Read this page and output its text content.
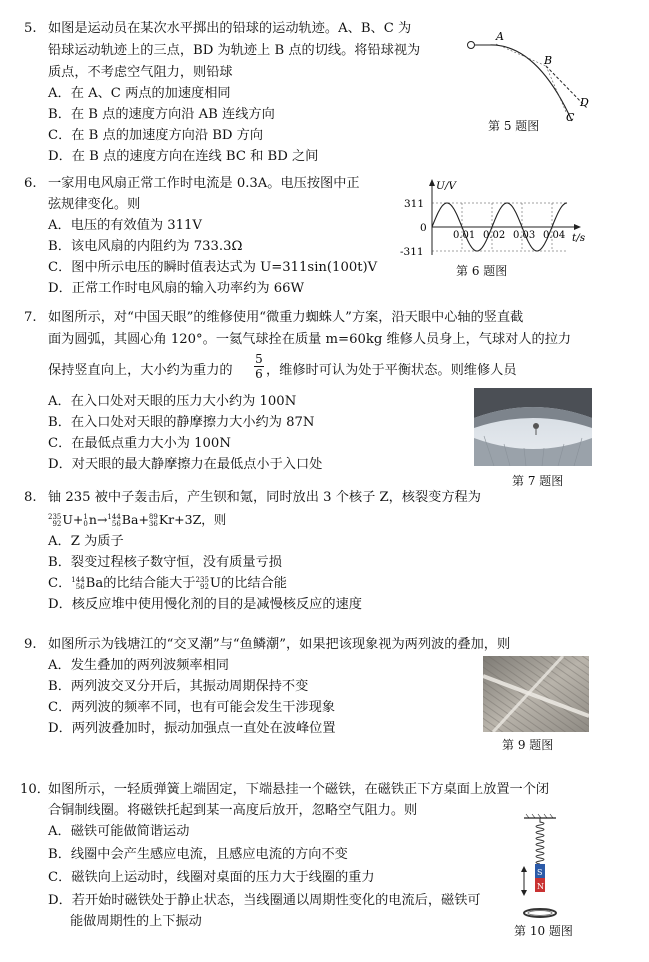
5. 如图是运动员在某次水平掷出的铅球的运动轨迹。A、B、C 为
铅球运动轨迹上的三点，BD 为轨迹上 B 点的切线。将铅球视为
质点，不考虑空气阻力，则铅球
A．在 A、C 两点的加速度相同
B．在 B 点的速度方向沿 AB 连线方向
C．在 B 点的加速度方向沿 BD 方向
D．在 B 点的速度方向在连线 BC 和 BD 之间
A
B
C
D
第 5 题图
6. 一家用电风扇正常工作时电流是 0.3A。电压按图中正
弦规律变化。则
A．电压的有效值为 311V
B．该电风扇的内阻约为 733.3Ω
C．图中所示电压的瞬时值表达式为 U=311sin(100t)V
D．正常工作时电风扇的输入功率约为 66W
U/V
t/s
311
0
-311
0.01 0.02 0.03 0.04
第 6 题图
7. 如图所示，对“中国天眼”的维修使用“微重力蜘蛛人”方案，沿天眼中心轴的竖直截
面为圆弧，其圆心角 120°。一氦气球拴在质量 m=60kg 维修人员身上，气球对人的拉力
保持竖直向上，大小约为重力的 $\frac{5}{6}$ ，维修时可认为处于平衡状态。则维修人员
A．在入口处对天眼的压力大小约为 100N
B．在入口处对天眼的静摩擦力大小约为 87N
C．在最低点重力大小为 100N
D．对天眼的最大静摩擦力在最低点小于入口处
第 7 题图
8. 铀 235 被中子轰击后，产生钡和氪，同时放出 3 个核子 Z，核裂变方程为
235
92 U+ 1
0 n→ 144
56 Ba+ 89
36 Kr+3Z，则
A．Z 为质子
B．裂变过程核子数守恒，没有质量亏损
C． 144
56 Ba的比结合能大于 235
92 U的比结合能
D．核反应堆中使用慢化剂的目的是减慢核反应的速度
9. 如图所示为钱塘江的“交叉潮”与“鱼鳞潮”，如果把该现象视为两列波的叠加，则
A．发生叠加的两列波频率相同
B．两列波交叉分开后，其振动周期保持不变
C．两列波的频率不同，也有可能会发生干涉现象
D．两列波叠加时，振动加强点一直处在波峰位置
第 9 题图
10．
如图所示，一轻质弹簧上端固定，下端悬挂一个磁铁，在磁铁正下方桌面上放置一个闭
合铜制线圈。将磁铁托起到某一高度后放开，忽略空气阻力。则
A．磁铁可能做简谐运动
B．线圈中会产生感应电流，且感应电流的方向不变
C．磁铁向上运动时，线圈对桌面的压力大于线圈的重力
D．若开始时磁铁处于静止状态，当线圈通以周期性变化的电流后，磁铁可
能做周期性的上下振动
S
N
第 10 题图
